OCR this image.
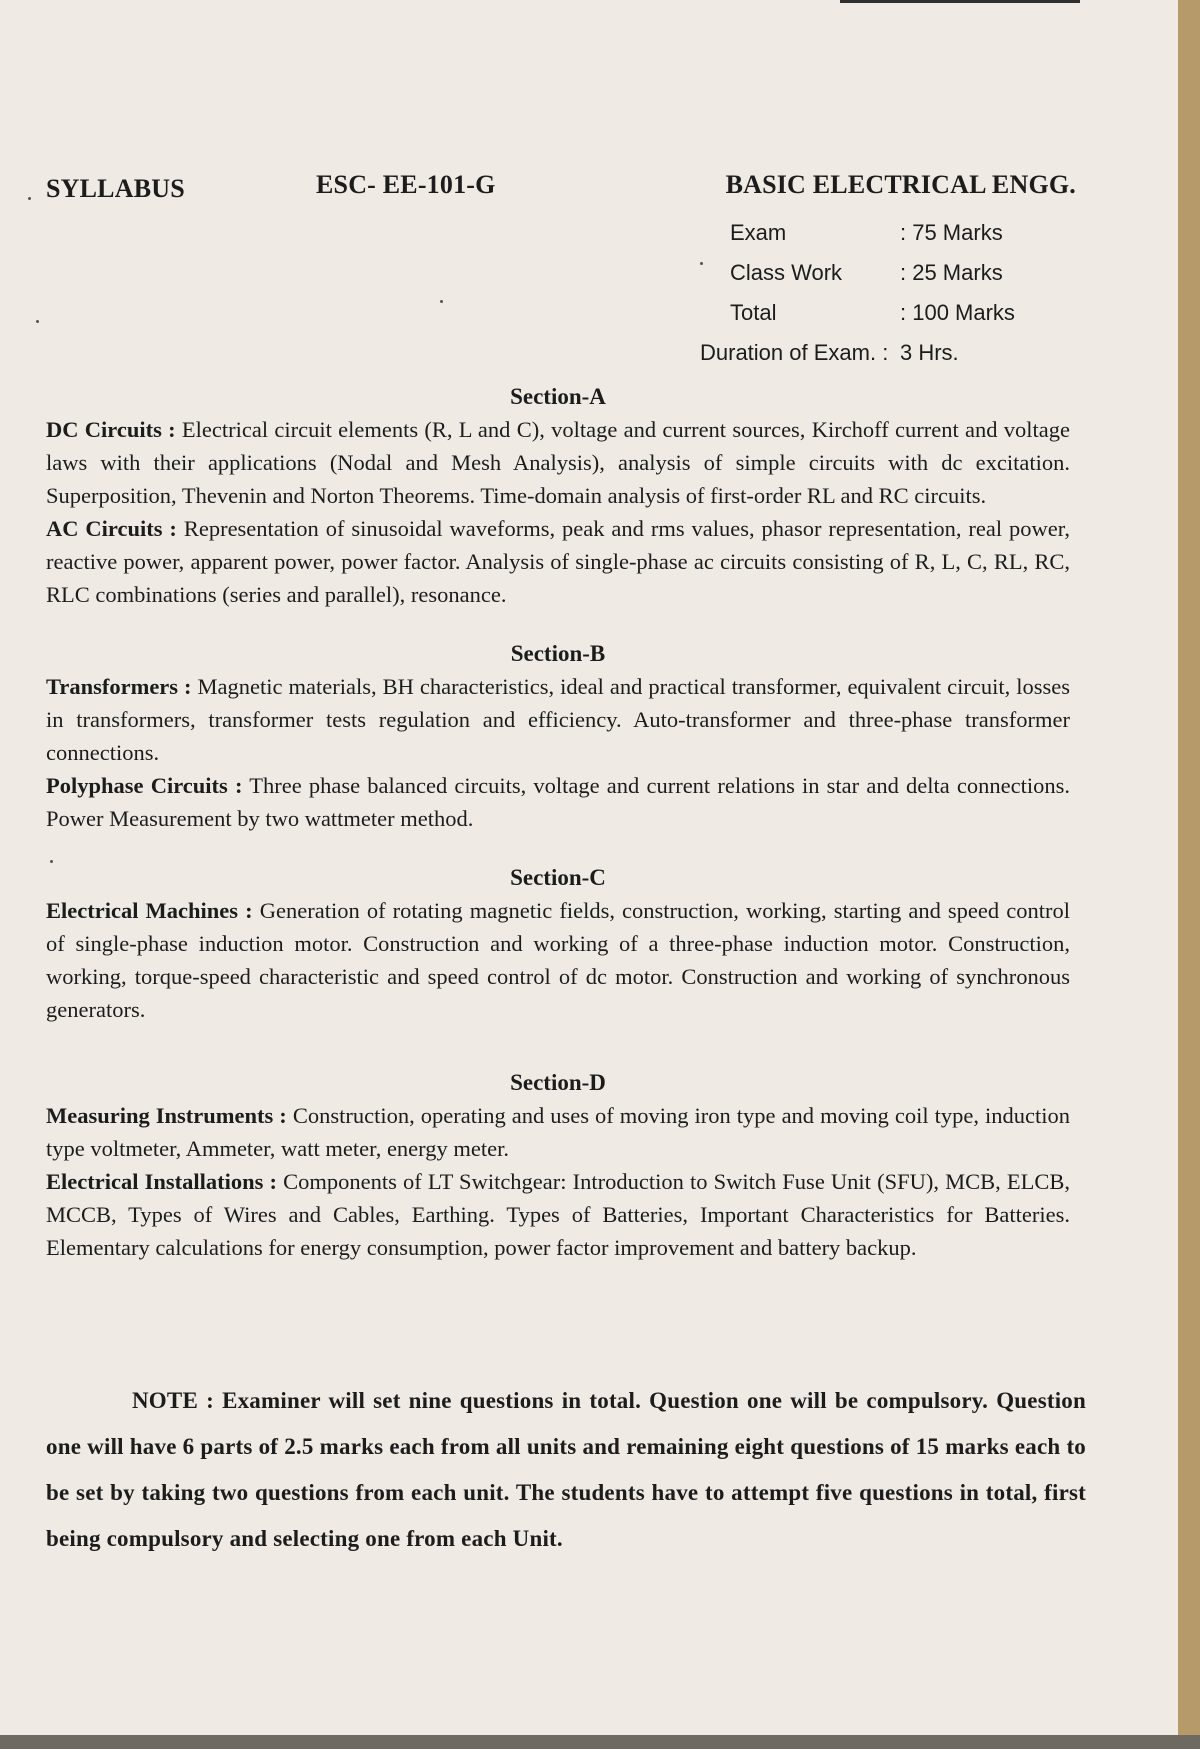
SYLLABUS	ESC- EE-101-G	BASIC ELECTRICAL ENGG.
Exam	: 75 Marks
Class Work	: 25 Marks
Total	: 100 Marks
Duration of Exam. : 3 Hrs.
Section-A

DC Circuits : Electrical circuit elements (R, L and C), voltage and current sources, Kirchoff current and voltage laws with their applications (Nodal and Mesh Analysis), analysis of simple circuits with dc excitation. Superposition, Thevenin and Norton Theorems. Time-domain analysis of first-order RL and RC circuits.

AC Circuits : Representation of sinusoidal waveforms, peak and rms values, phasor representation, real power, reactive power, apparent power, power factor. Analysis of single-phase ac circuits consisting of R, L, C, RL, RC, RLC combinations (series and parallel), resonance.

Section-B

Transformers : Magnetic materials, BH characteristics, ideal and practical transformer, equivalent circuit, losses in transformers, transformer tests regulation and efficiency. Auto-transformer and three-phase transformer connections.

Polyphase Circuits : Three phase balanced circuits, voltage and current relations in star and delta connections. Power Measurement by two wattmeter method.

Section-C

Electrical Machines : Generation of rotating magnetic fields, construction, working, starting and speed control of single-phase induction motor. Construction and working of a three-phase induction motor. Construction, working, torque-speed characteristic and speed control of dc motor. Construction and working of synchronous generators.

Section-D

Measuring Instruments : Construction, operating and uses of moving iron type and moving coil type, induction type voltmeter, Ammeter, watt meter, energy meter.

Electrical Installations : Components of LT Switchgear: Introduction to Switch Fuse Unit (SFU), MCB, ELCB, MCCB, Types of Wires and Cables, Earthing. Types of Batteries, Important Characteristics for Batteries. Elementary calculations for energy consumption, power factor improvement and battery backup.

NOTE : Examiner will set nine questions in total. Question one will be compulsory. Question one will have 6 parts of 2.5 marks each from all units and remaining eight questions of 15 marks each to be set by taking two questions from each unit. The students have to attempt five questions in total, first being compulsory and selecting one from each Unit.
